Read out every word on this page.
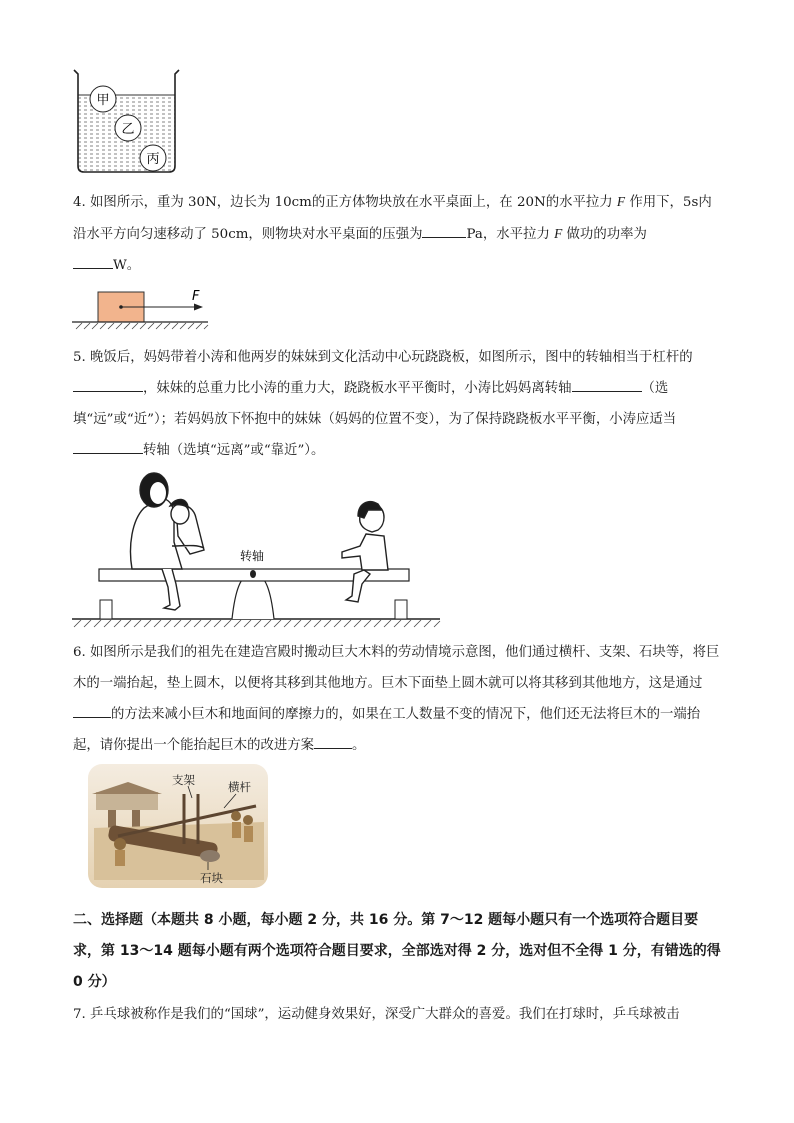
甲
乙
丙

4. 如图所示，重为 30N，边长为 10cm的正方体物块放在水平桌面上，在 20N的水平拉力 F 作用下，5s内沿水平方向匀速移动了 50cm，则物块对水平桌面的压强为	Pa，水平拉力 F 做功的功率为
W。

F

5. 晚饭后，妈妈带着小涛和他两岁的妹妹到文化活动中心玩跷跷板，如图所示，图中的转轴相当于杠杆的，妹妹的总重力比小涛的重力大，跷跷板水平平衡时，小涛比妈妈离转轴	（选填“远”或“近”）；若妈妈放下怀抱中的妹妹（妈妈的位置不变），为了保持跷跷板水平平衡，小涛应适当转轴（选填“远离”或“靠近”）。

转轴

6. 如图所示是我们的祖先在建造宫殿时搬动巨大木料的劳动情境示意图，他们通过横杆、支架、石块等，将巨木的一端抬起，垫上圆木，以便将其移到其他地方。巨木下面垫上圆木就可以将其移到其他地方，这是通过的方法来减小巨木和地面间的摩擦力的，如果在工人数量不变的情况下，他们还无法将巨木的一端抬起，请你提出一个能抬起巨木的改进方案	。

支架	横杆
石块
二、选择题（本题共 8 小题，每小题 2 分，共 16 分。第 7～12 题每小题只有一个选项符合题目要求，第 13～14 题每小题有两个选项符合题目要求，全部选对得 2 分，选对但不全得 1 分，有错选的得 0 分）

7. 乒乓球被称作是我们的“国球”，运动健身效果好，深受广大群众的喜爱。我们在打球时，乒乓球被击
